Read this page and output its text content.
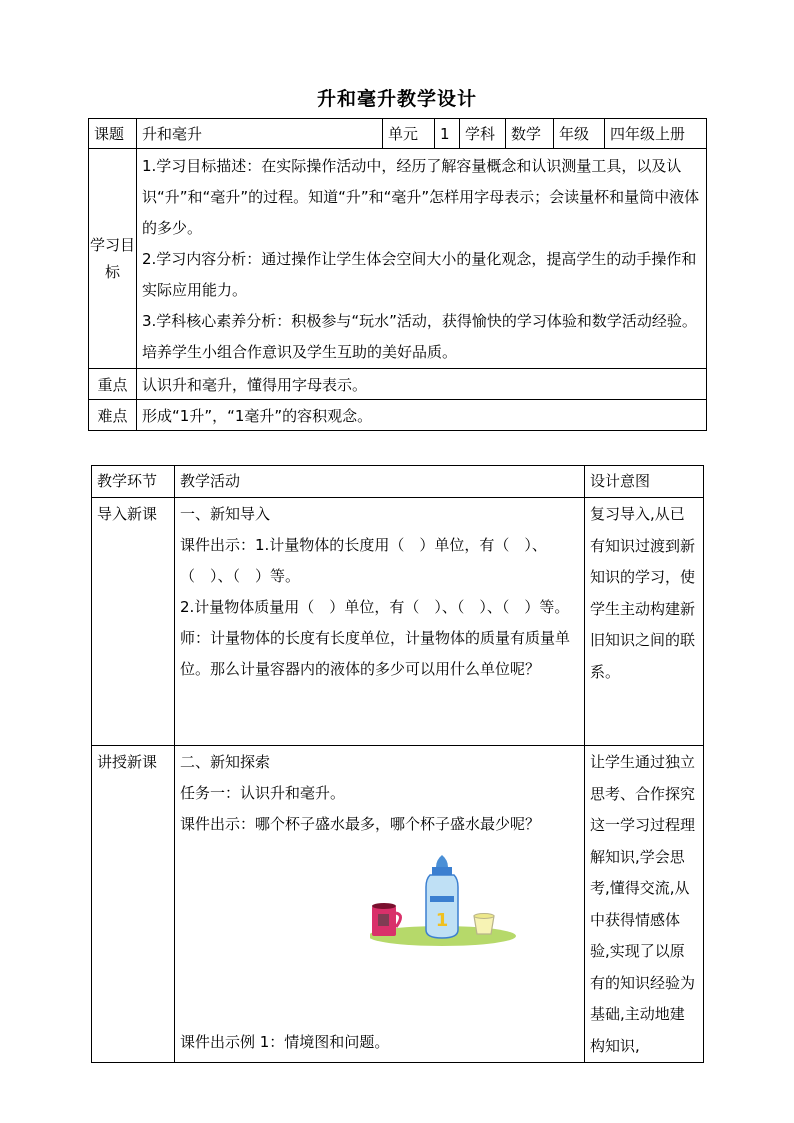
升和毫升教学设计
课题	升和毫升	单元	1	学科	数学	年级	四年级上册
学习目标	1.学习目标描述：在实际操作活动中，经历了解容量概念和认识测量工具，以及认识“升”和“毫升”的过程。知道“升”和“毫升”怎样用字母表示；会读量杯和量筒中液体的多少。

2.学习内容分析：通过操作让学生体会空间大小的量化观念，提高学生的动手操作和实际应用能力。

3.学科核心素养分析：积极参与“玩水”活动，获得愉快的学习体验和数学活动经验。培养学生小组合作意识及学生互助的美好品质。						

重点	认识升和毫升，懂得用字母表示。						
难点	形成“1升”，“1毫升”的容积观念。						
教学环节	教学活动	设计意图
导入新课	一、新知导入

课件出示：1.计量物体的长度用（　）单位，有（　）、（　）、（　）等。

2.计量物体质量用（　）单位，有（　）、（　）、（　）等。

师：计量物体的长度有长度单位，计量物体的质量有质量单位。那么计量容器内的液体的多少可以用什么单位呢？	复习导入,从已有知识过渡到新知识的学习，使学生主动构建新旧知识之间的联系。

讲授新课	二、新知探索

任务一：认识升和毫升。

课件出示：哪个杯子盛水最多，哪个杯子盛水最少呢？

1

课件出示例 1：情境图和问题。	让学生通过独立思考、合作探究这一学习过程理解知识,学会思考,懂得交流,从中获得情感体验,实现了以原有的知识经验为基础,主动地建构知识,
